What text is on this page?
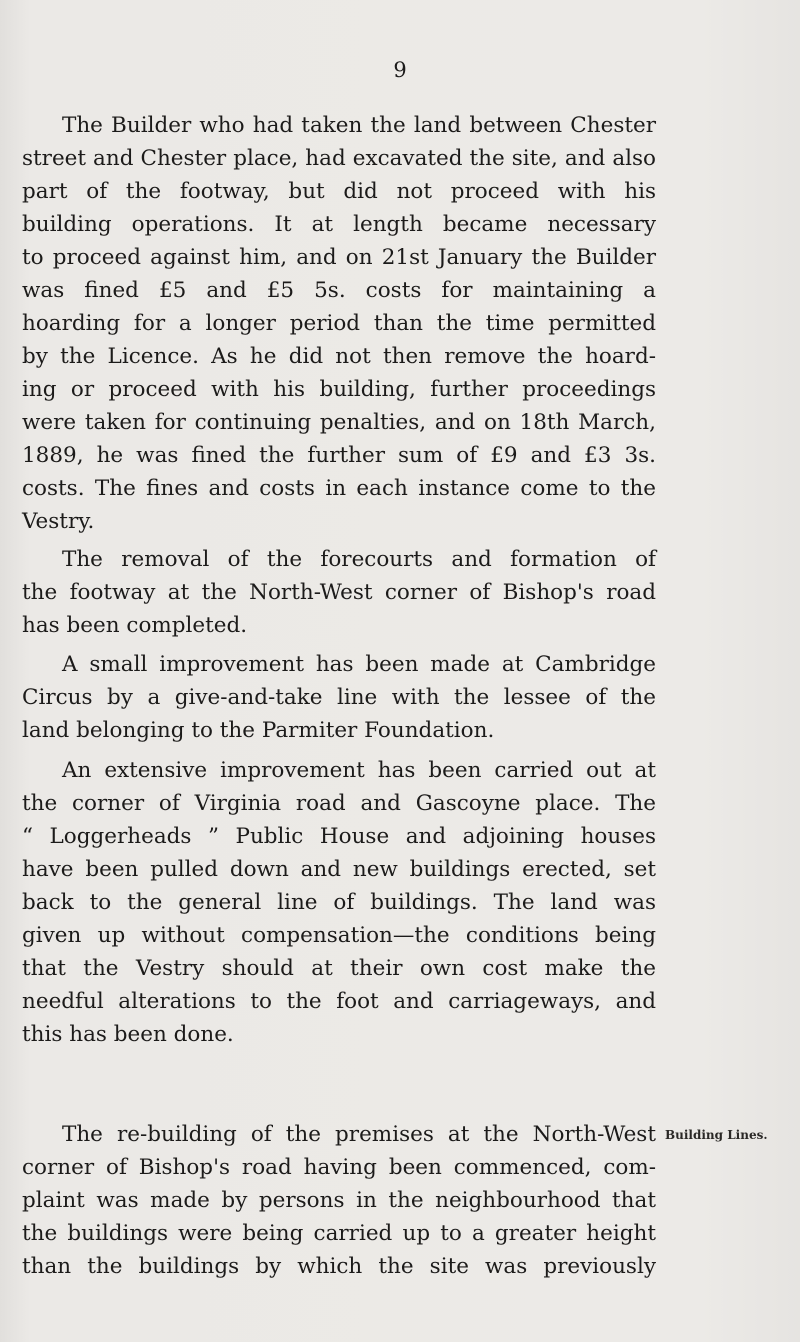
9
The Builder who had taken the land between Chester
street and Chester place, had excavated the site, and also
part of the footway, but did not proceed with his
building operations. It at length became necessary
to proceed against him, and on 21st January the Builder
was fined £5 and £5 5s. costs for maintaining a
hoarding for a longer period than the time permitted
by the Licence. As he did not then remove the hoard-
ing or proceed with his building, further proceedings
were taken for continuing penalties, and on 18th March,
1889, he was fined the further sum of £9 and £3 3s.
costs. The fines and costs in each instance come to the
Vestry.
The removal of the forecourts and formation of
the footway at the North-West corner of Bishop's road
has been completed.
A small improvement has been made at Cambridge
Circus by a give-and-take line with the lessee of the
land belonging to the Parmiter Foundation.
An extensive improvement has been carried out at
the corner of Virginia road and Gascoyne place. The
“ Loggerheads ” Public House and adjoining houses
have been pulled down and new buildings erected, set
back to the general line of buildings. The land was
given up without compensation—the conditions being
that the Vestry should at their own cost make the
needful alterations to the foot and carriageways, and
this has been done.
The re-building of the premises at the North-West
corner of Bishop's road having been commenced, com-
plaint was made by persons in the neighbourhood that
the buildings were being carried up to a greater height
than the buildings by which the site was previously
Building Lines.
